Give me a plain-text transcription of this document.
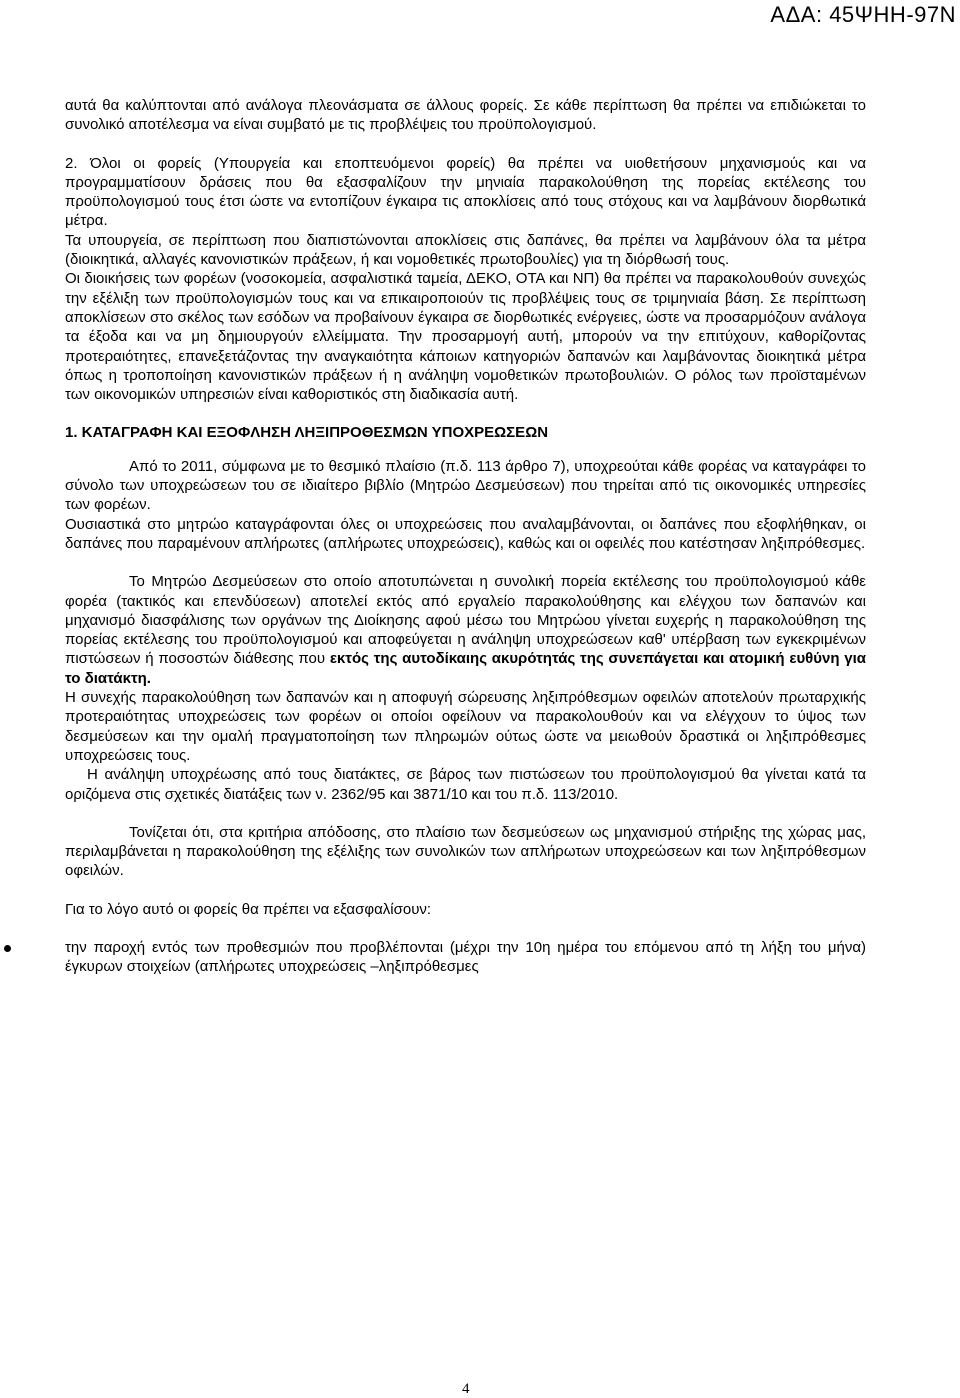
ΑΔΑ: 45ΨΗΗ-97Ν

αυτά θα καλύπτονται από ανάλογα πλεονάσματα σε άλλους φορείς. Σε κάθε περίπτωση θα πρέπει να επιδιώκεται το συνολικό αποτέλεσμα να είναι συμβατό με τις προβλέψεις του προϋπολογισμού.

2. Όλοι οι φορείς (Υπουργεία και εποπτευόμενοι φορείς) θα πρέπει να υιοθετήσουν μηχανισμούς και να προγραμματίσουν δράσεις που θα εξασφαλίζουν την μηνιαία παρακολούθηση της πορείας εκτέλεσης του προϋπολογισμού τους έτσι ώστε να εντοπίζουν έγκαιρα τις αποκλίσεις από τους στόχους και να λαμβάνουν διορθωτικά μέτρα.

Τα υπουργεία, σε περίπτωση που διαπιστώνονται αποκλίσεις στις δαπάνες, θα πρέπει να λαμβάνουν όλα τα μέτρα (διοικητικά, αλλαγές κανονιστικών πράξεων, ή και νομοθετικές πρωτοβουλίες) για τη διόρθωσή τους.

Οι διοικήσεις των φορέων (νοσοκομεία, ασφαλιστικά ταμεία, ΔΕΚΟ, ΟΤΑ και ΝΠ) θα πρέπει να παρακολουθούν συνεχώς την εξέλιξη των προϋπολογισμών τους και να επικαιροποιούν τις προβλέψεις τους σε τριμηνιαία βάση. Σε περίπτωση αποκλίσεων στο σκέλος των εσόδων να προβαίνουν έγκαιρα σε διορθωτικές ενέργειες, ώστε να προσαρμόζουν ανάλογα τα έξοδα και να μη δημιουργούν ελλείμματα. Την προσαρμογή αυτή, μπορούν να την επιτύχουν, καθορίζοντας προτεραιότητες, επανεξετάζοντας την αναγκαιότητα κάποιων κατηγοριών δαπανών και λαμβάνοντας διοικητικά μέτρα όπως η τροποποίηση κανονιστικών πράξεων ή η ανάληψη νομοθετικών πρωτοβουλιών. Ο ρόλος των προϊσταμένων των οικονομικών υπηρεσιών είναι καθοριστικός στη διαδικασία αυτή.

1. ΚΑΤΑΓΡΑΦΗ ΚΑΙ ΕΞΟΦΛΗΣΗ ΛΗΞΙΠΡΟΘΕΣΜΩΝ ΥΠΟΧΡΕΩΣΕΩΝ

Από το 2011, σύμφωνα με το θεσμικό πλαίσιο (π.δ. 113 άρθρο 7), υποχρεούται κάθε φορέας να καταγράφει το σύνολο των υποχρεώσεων του σε ιδιαίτερο βιβλίο (Μητρώο Δεσμεύσεων) που τηρείται από τις οικονομικές υπηρεσίες των φορέων.

Ουσιαστικά στο μητρώο καταγράφονται όλες οι υποχρεώσεις που αναλαμβάνονται, οι δαπάνες που εξοφλήθηκαν, οι δαπάνες που παραμένουν απλήρωτες (απλήρωτες υποχρεώσεις), καθώς και οι οφειλές που κατέστησαν ληξιπρόθεσμες.

Το Μητρώο Δεσμεύσεων στο οποίο αποτυπώνεται η συνολική πορεία εκτέλεσης του προϋπολογισμού κάθε φορέα (τακτικός και επενδύσεων) αποτελεί εκτός από εργαλείο παρακολούθησης και ελέγχου των δαπανών και μηχανισμό διασφάλισης των οργάνων της Διοίκησης αφού μέσω του Μητρώου γίνεται ευχερής η παρακολούθηση της πορείας εκτέλεσης του προϋπολογισμού και αποφεύγεται η ανάληψη υποχρεώσεων καθ' υπέρβαση των εγκεκριμένων πιστώσεων ή ποσοστών διάθεσης που εκτός της αυτοδίκαιης ακυρότητάς της συνεπάγεται και ατομική ευθύνη για το διατάκτη.

Η συνεχής παρακολούθηση των δαπανών και η αποφυγή σώρευσης ληξιπρόθεσμων οφειλών αποτελούν πρωταρχικής προτεραιότητας υποχρεώσεις των φορέων οι οποίοι οφείλουν να παρακολουθούν και να ελέγχουν το ύψος των δεσμεύσεων και την ομαλή πραγματοποίηση των πληρωμών ούτως ώστε να μειωθούν δραστικά οι ληξιπρόθεσμες υποχρεώσεις τους.

Η ανάληψη υποχρέωσης από τους διατάκτες, σε βάρος των πιστώσεων του προϋπολογισμού θα γίνεται κατά τα οριζόμενα στις σχετικές διατάξεις των ν. 2362/95 και 3871/10 και του π.δ. 113/2010.

Τονίζεται ότι, στα κριτήρια απόδοσης, στο πλαίσιο των δεσμεύσεων ως μηχανισμού στήριξης της χώρας μας, περιλαμβάνεται η παρακολούθηση της εξέλιξης των συνολικών των απλήρωτων υποχρεώσεων και των ληξιπρόθεσμων οφειλών.

Για το λόγο αυτό οι φορείς θα πρέπει να εξασφαλίσουν:

την παροχή εντός των προθεσμιών που προβλέπονται (μέχρι την 10η ημέρα του επόμενου από τη λήξη του μήνα) έγκυρων στοιχείων (απλήρωτες υποχρεώσεις –ληξιπρόθεσμες

4
